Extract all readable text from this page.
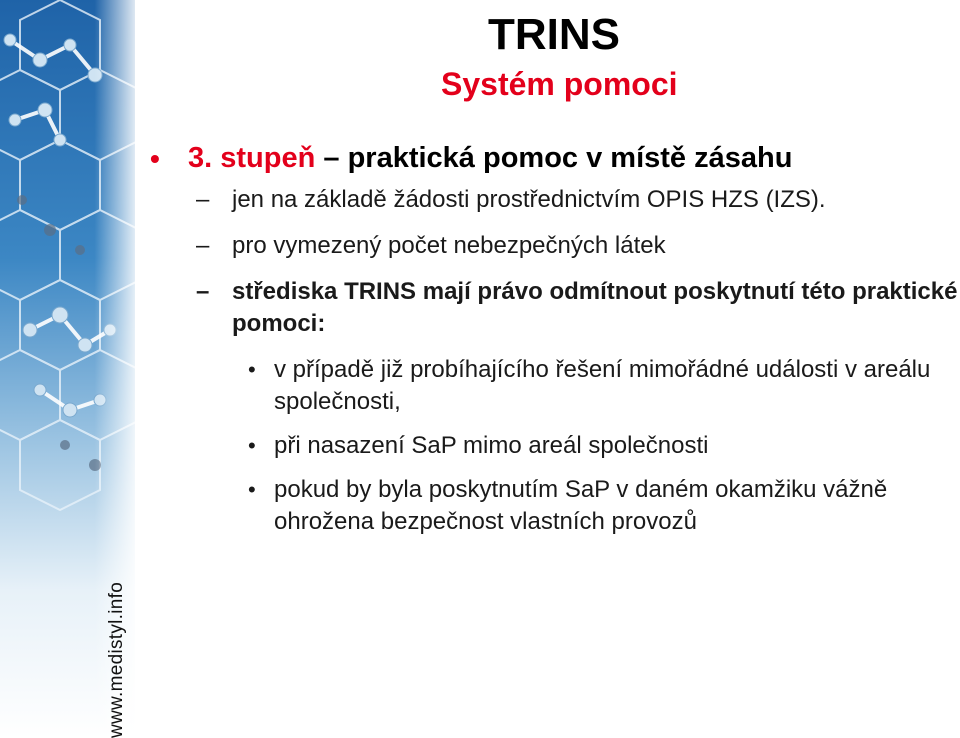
www.medistyl.info
TRINS
Systém pomoci
• 3. stupeň – praktická pomoc v místě zásahu
– jen na základě žádosti prostřednictvím OPIS HZS (IZS).
– pro vymezený počet nebezpečných látek
– střediska TRINS mají právo odmítnout poskytnutí této praktické pomoci:
• v případě již probíhajícího řešení mimořádné události v areálu společnosti,
• při nasazení SaP mimo areál společnosti
• pokud by byla poskytnutím SaP v daném okamžiku vážně ohrožena bezpečnost vlastních provozů
